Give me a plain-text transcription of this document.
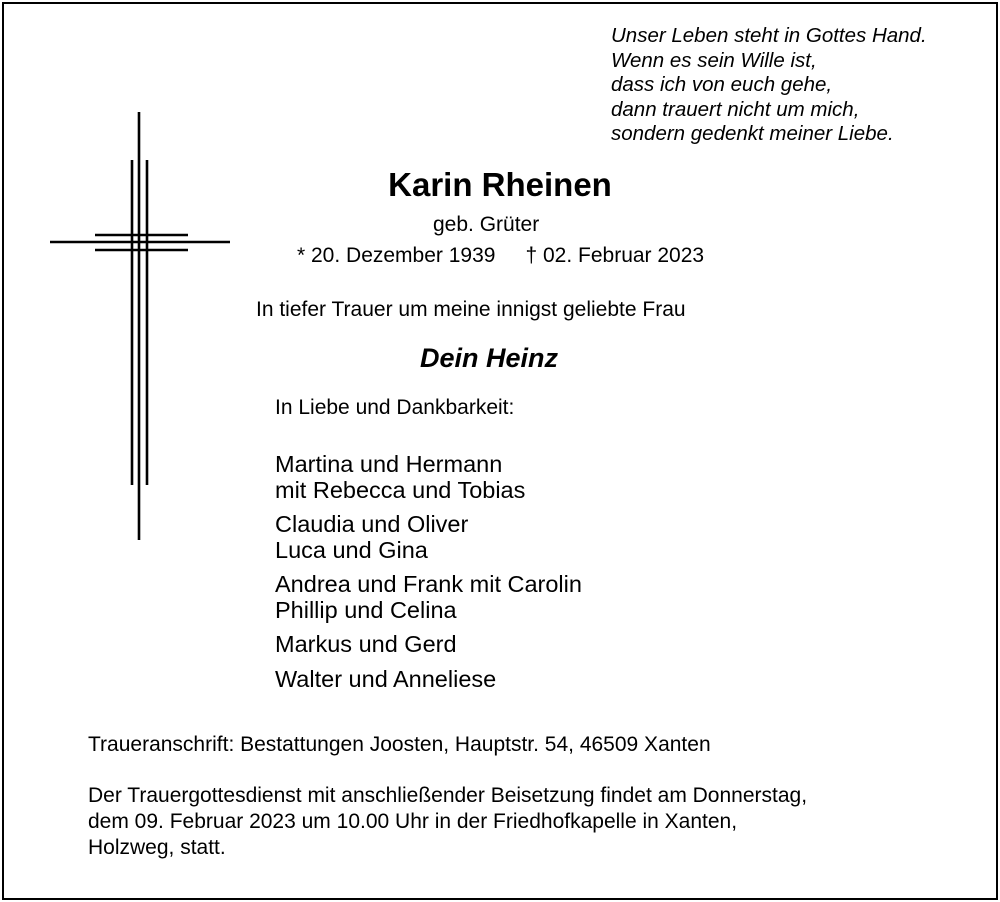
Unser Leben steht in Gottes Hand.
Wenn es sein Wille ist,
dass ich von euch gehe,
dann trauert nicht um mich,
sondern gedenkt meiner Liebe.
Karin Rheinen
geb. Grüter
* 20. Dezember 1939 † 02. Februar 2023
In tiefer Trauer um meine innigst geliebte Frau
Dein Heinz
In Liebe und Dankbarkeit:
Martina und Hermann
mit Rebecca und Tobias
Claudia und Oliver
Luca und Gina
Andrea und Frank mit Carolin
Phillip und Celina
Markus und Gerd
Walter und Anneliese
Traueranschrift: Bestattungen Joosten, Hauptstr. 54, 46509 Xanten
Der Trauergottesdienst mit anschließender Beisetzung findet am Donnerstag,
dem 09. Februar 2023 um 10.00 Uhr in der Friedhofkapelle in Xanten,
Holzweg, statt.
